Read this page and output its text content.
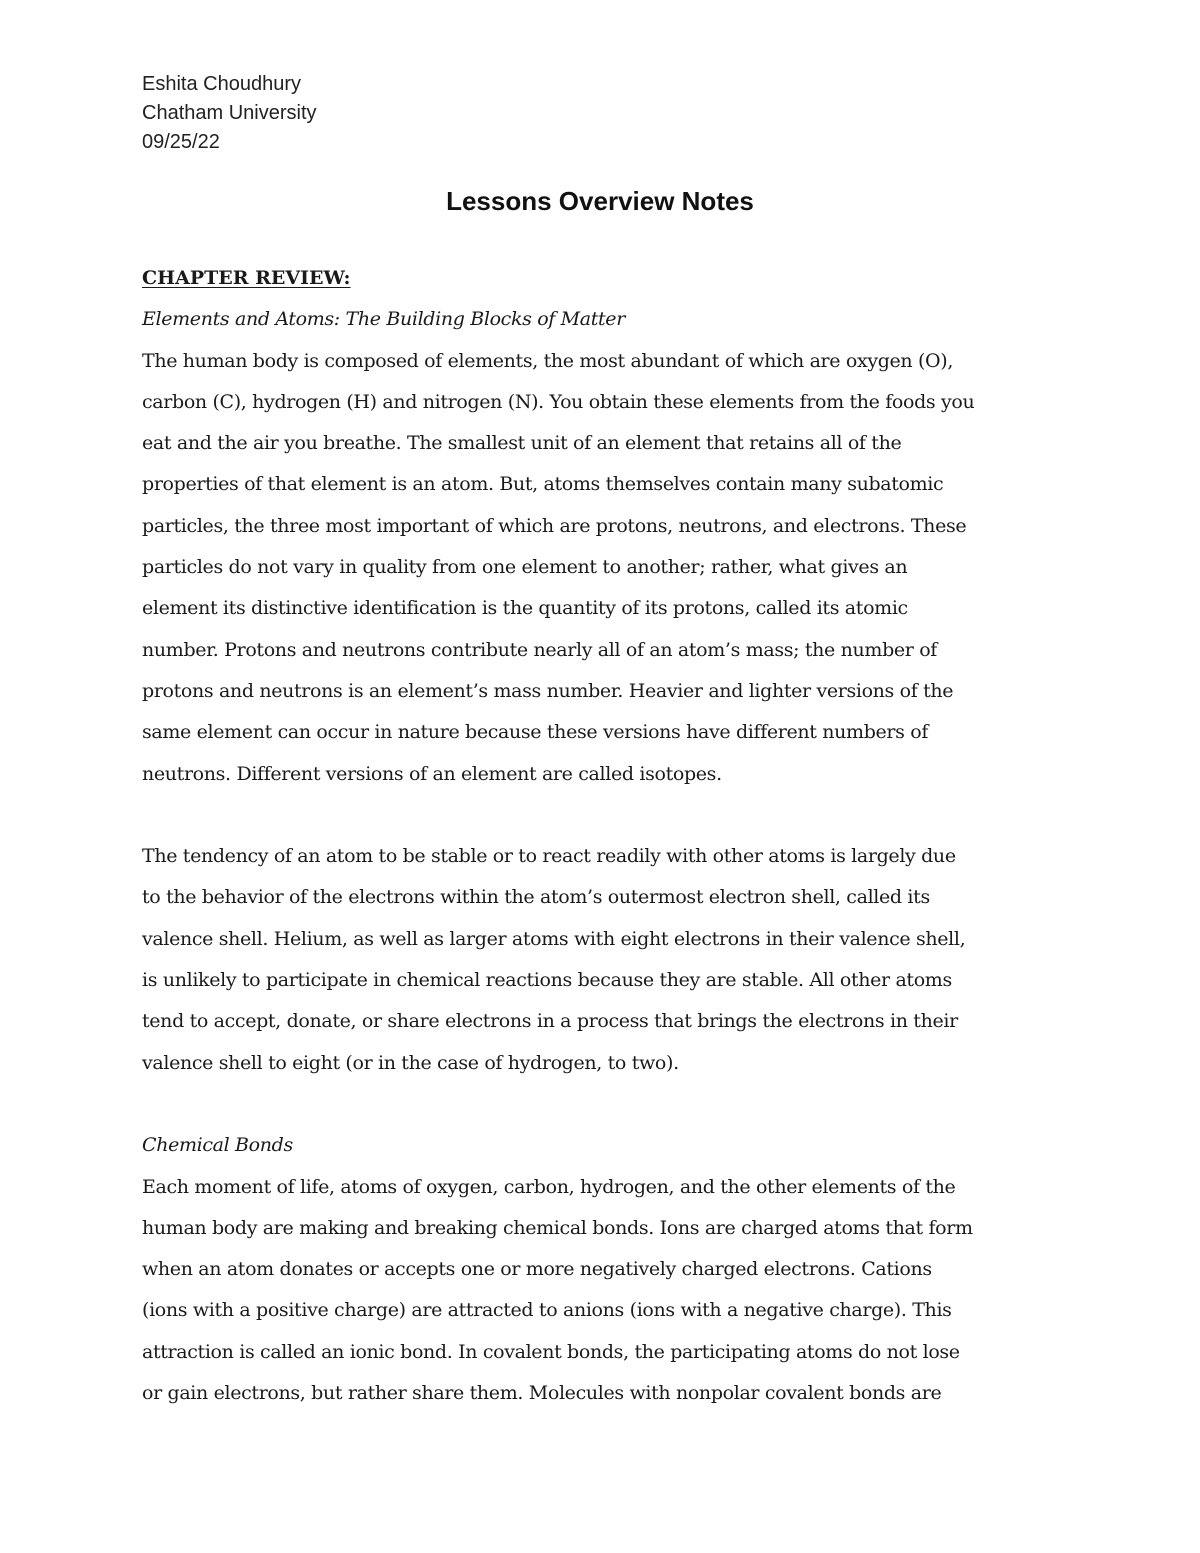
Eshita Choudhury
Chatham University
09/25/22
Lessons Overview Notes
CHAPTER REVIEW:
Elements and Atoms: The Building Blocks of Matter
The human body is composed of elements, the most abundant of which are oxygen (O),
carbon (C), hydrogen (H) and nitrogen (N). You obtain these elements from the foods you
eat and the air you breathe. The smallest unit of an element that retains all of the
properties of that element is an atom. But, atoms themselves contain many subatomic
particles, the three most important of which are protons, neutrons, and electrons. These
particles do not vary in quality from one element to another; rather, what gives an
element its distinctive identification is the quantity of its protons, called its atomic
number. Protons and neutrons contribute nearly all of an atom’s mass; the number of
protons and neutrons is an element’s mass number. Heavier and lighter versions of the
same element can occur in nature because these versions have different numbers of
neutrons. Different versions of an element are called isotopes.
The tendency of an atom to be stable or to react readily with other atoms is largely due
to the behavior of the electrons within the atom’s outermost electron shell, called its
valence shell. Helium, as well as larger atoms with eight electrons in their valence shell,
is unlikely to participate in chemical reactions because they are stable. All other atoms
tend to accept, donate, or share electrons in a process that brings the electrons in their
valence shell to eight (or in the case of hydrogen, to two).
Chemical Bonds
Each moment of life, atoms of oxygen, carbon, hydrogen, and the other elements of the
human body are making and breaking chemical bonds. Ions are charged atoms that form
when an atom donates or accepts one or more negatively charged electrons. Cations
(ions with a positive charge) are attracted to anions (ions with a negative charge). This
attraction is called an ionic bond. In covalent bonds, the participating atoms do not lose
or gain electrons, but rather share them. Molecules with nonpolar covalent bonds are
